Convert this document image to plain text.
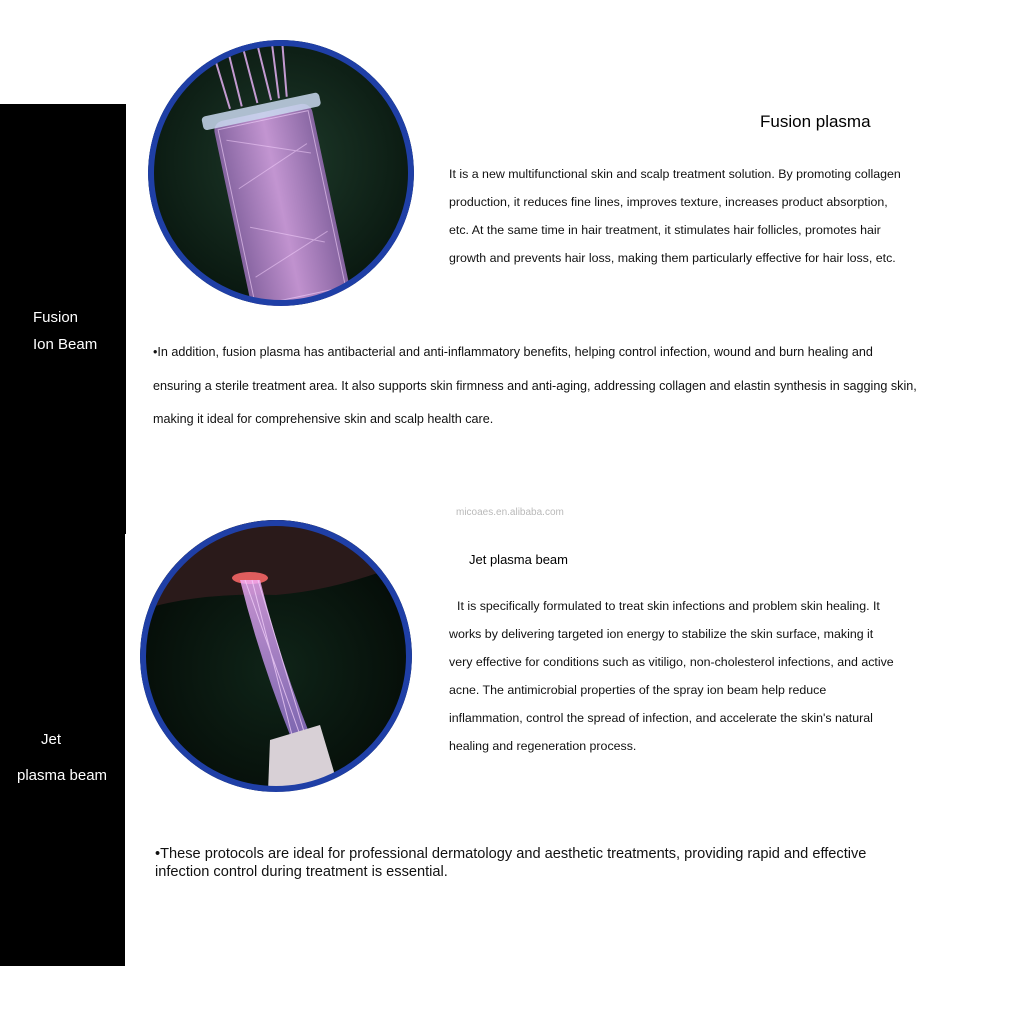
Fusion
Ion Beam
Jet
plasma beam
Fusion plasma
It is a new multifunctional skin and scalp treatment solution. By promoting collagen production, it reduces fine lines, improves texture, increases product absorption, etc. At the same time in hair treatment, it stimulates hair follicles, promotes hair growth and prevents hair loss, making them particularly effective for hair loss, etc.
•In addition, fusion plasma has antibacterial and anti-inflammatory benefits, helping control infection, wound and burn healing and ensuring a sterile treatment area. It also supports skin firmness and anti-aging, addressing collagen and elastin synthesis in sagging skin, making it ideal for comprehensive skin and scalp health care.
micoaes.en.alibaba.com
Jet plasma beam
It is specifically formulated to treat skin infections and problem skin healing. It works by delivering targeted ion energy to stabilize the skin surface, making it very effective for conditions such as vitiligo, non-cholesterol infections, and active acne. The antimicrobial properties of the spray ion beam help reduce inflammation, control the spread of infection, and accelerate the skin's natural healing and regeneration process.
•These protocols are ideal for professional dermatology and aesthetic treatments, providing rapid and effective infection control during treatment is essential.
